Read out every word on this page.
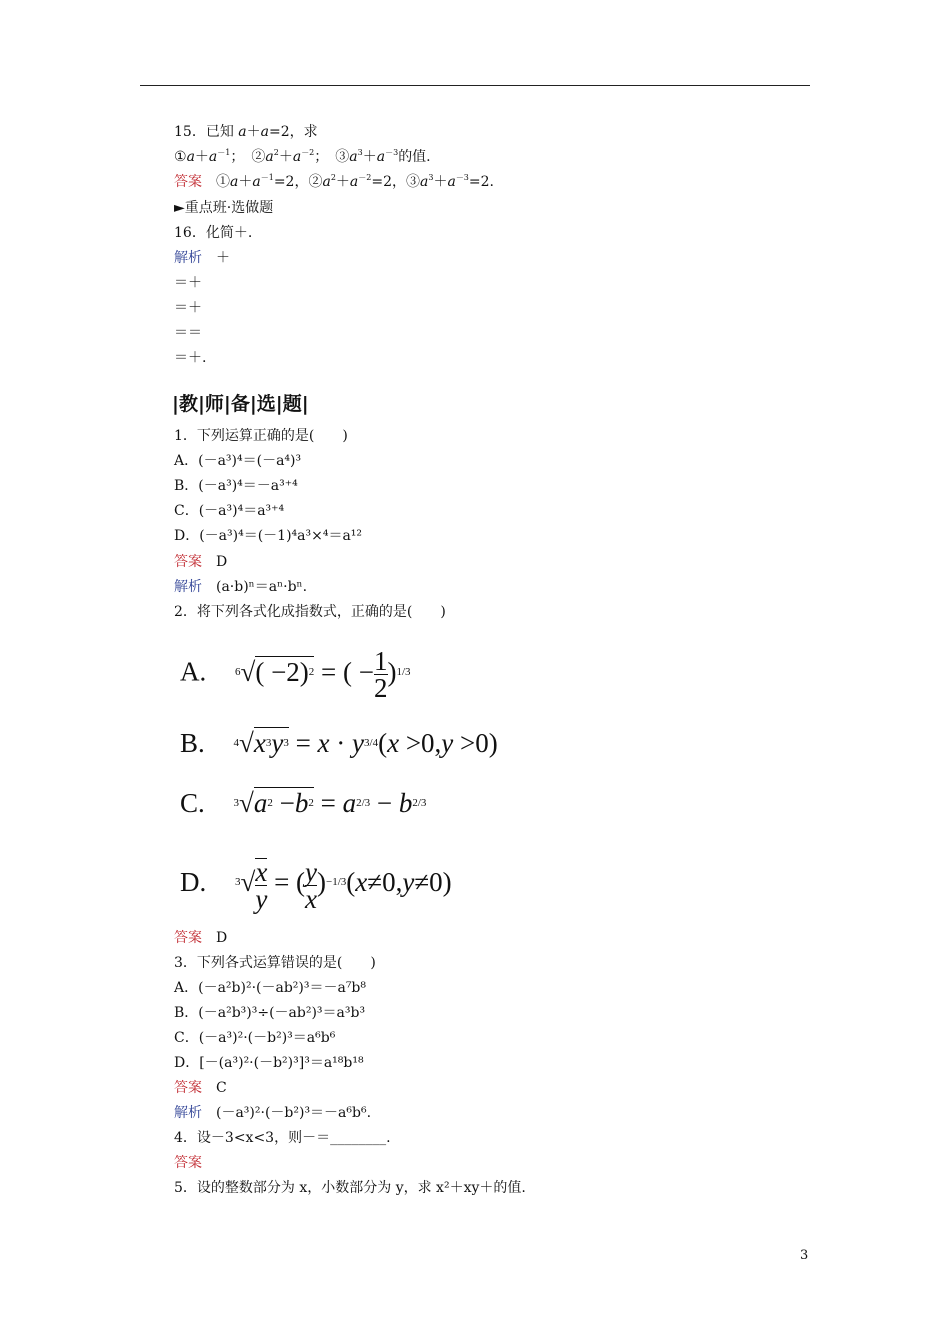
15．已知 a＋a=2，求
$①a+a^{-1}$；　$②a^2+a^{-2}$；　$③a^3+a^{-3}$的值.
答案　$①a+a^{-1}=2$，$②a^2+a^{-2}=2$，$③a^3+a^{-3}=2$.
►重点班·选做题
16．化简＋.
解析　 ＋
＝＋
＝＋
＝＝
＝＋.
|教|师|备|选|题|
1．下列运算正确的是(　　)
A．(－a³)⁴＝(－a⁴)³
B．(－a³)⁴＝－a³⁺⁴
C．(－a³)⁴＝a³⁺⁴
D．(－a³)⁴＝(－1)⁴a³×⁴＝a¹²
答案　 D
解析　 (a·b)ⁿ＝aⁿ·bⁿ.
2．将下列各式化成指数式，正确的是(　　)
A.	$^6√( -2)^2$ = ( − $\frac{1}{2} )^{1/3}$
B.	$^4√x^3y^3 = x \cdot y^{3/4}(x >0,y >0)$
C.	$^3√a^2 -b^2 = a^{2/3} - b^{2/3}$
D.	$^3√ \frac{x}{y}$ = ( $\frac{y}{x} )^{-1/3}(x\ne 0,y\ne 0)$
答案　 D
3．下列各式运算错误的是(　　)
A．(－a²b)²·(－ab²)³＝－a⁷b⁸
B．(－a²b³)³÷(－ab²)³＝a³b³
C．(－a³)²·(－b²)³＝a⁶b⁶
D．[－(a³)²·(－b²)³]³＝a¹⁸b¹⁸
答案　 C
解析　 (－a³)²·(－b²)³＝－a⁶b⁶.
4．设－3<x<3，则－＝________.
答案
5．设的整数部分为 x，小数部分为 y，求 x²＋xy＋的值.
3
